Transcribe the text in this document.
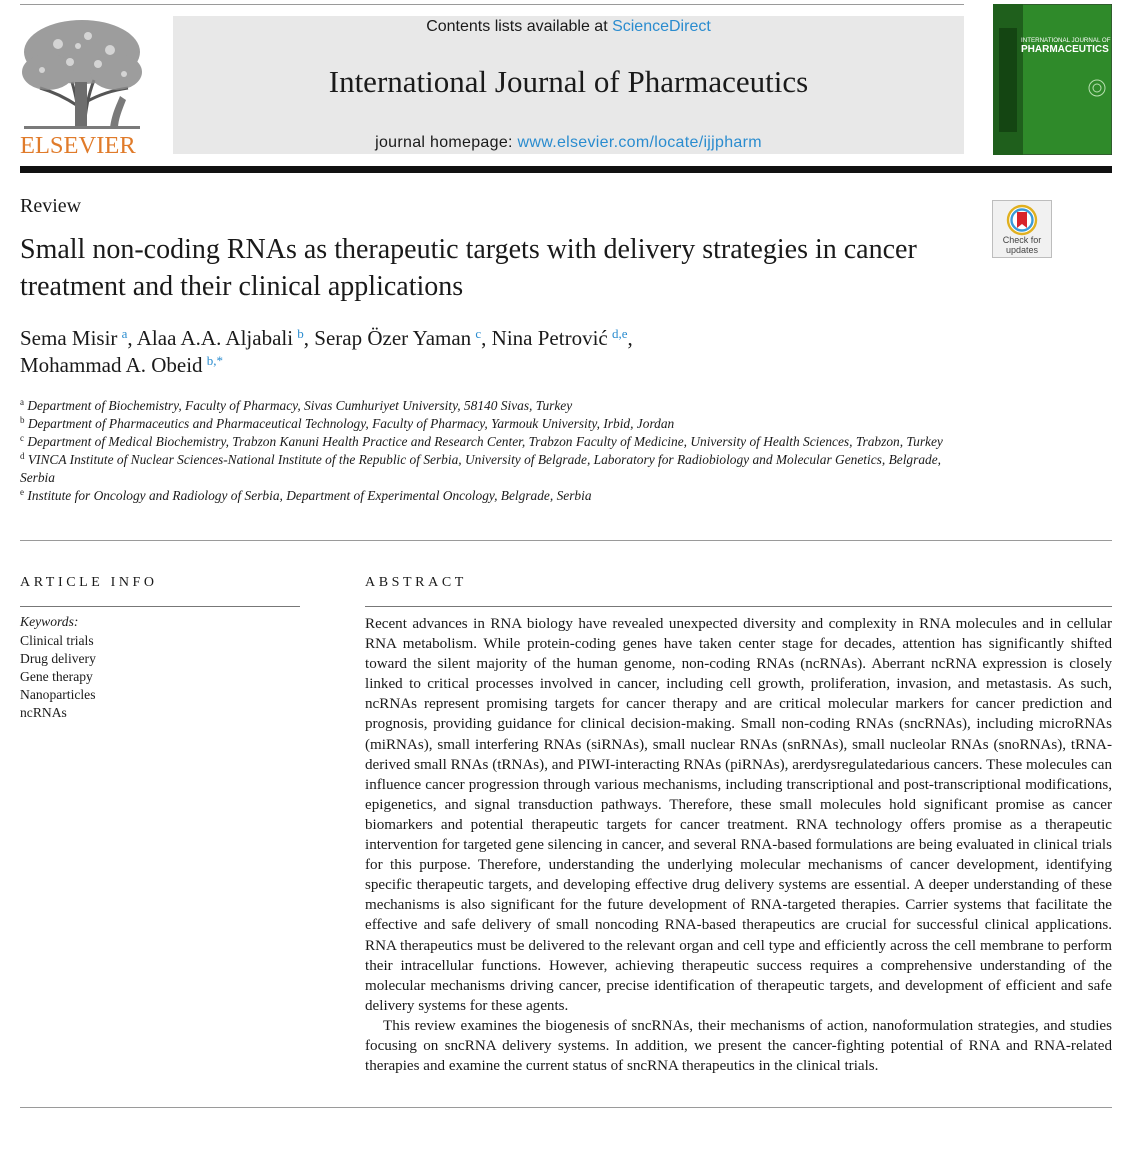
ELSEVIER
Contents lists available at ScienceDirect
International Journal of Pharmaceutics
journal homepage: www.elsevier.com/locate/ijjpharm
INTERNATIONAL JOURNAL OF
PHARMACEUTICS
Review
Check for
updates
Small non-coding RNAs as therapeutic targets with delivery strategies in cancer treatment and their clinical applications
Sema Misir  $^a$, Alaa A.A. Aljabali  $^b$, Serap Özer Yaman  $^c$, Nina Petrović  $^{d,e}$,
Mohammad A. Obeid  $^{b,*}$
$^a$ Department of Biochemistry, Faculty of Pharmacy, Sivas Cumhuriyet University, 58140 Sivas, Turkey
$^b$ Department of Pharmaceutics and Pharmaceutical Technology, Faculty of Pharmacy, Yarmouk University, Irbid, Jordan
$^c$ Department of Medical Biochemistry, Trabzon Kanuni Health Practice and Research Center, Trabzon Faculty of Medicine, University of Health Sciences, Trabzon, Turkey
$^d$ VINCA Institute of Nuclear Sciences-National Institute of the Republic of Serbia, University of Belgrade, Laboratory for Radiobiology and Molecular Genetics, Belgrade, Serbia
$^e$ Institute for Oncology and Radiology of Serbia, Department of Experimental Oncology, Belgrade, Serbia
ARTICLE INFO
Keywords:
Clinical trials
Drug delivery
Gene therapy
Nanoparticles
ncRNAs
ABSTRACT

Recent advances in RNA biology have revealed unexpected diversity and complexity in RNA molecules and in cellular RNA metabolism. While protein-coding genes have taken center stage for decades, attention has significantly shifted toward the silent majority of the human genome, non-coding RNAs (ncRNAs). Aberrant ncRNA expression is closely linked to critical processes involved in cancer, including cell growth, proliferation, invasion, and metastasis. As such, ncRNAs represent promising targets for cancer therapy and are critical molecular markers for cancer prediction and prognosis, providing guidance for clinical decision-making. Small non-coding RNAs (sncRNAs), including microRNAs (miRNAs), small interfering RNAs (siRNAs), small nuclear RNAs (snRNAs), small nucleolar RNAs (snoRNAs), tRNA-derived small RNAs (tRNAs), and PIWI-interacting RNAs (piRNAs), arerdysregulatedarious cancers. These molecules can influence cancer progression through various mechanisms, including transcriptional and post-transcriptional modifications, epigenetics, and signal transduction pathways. Therefore, these small molecules hold significant promise as cancer biomarkers and potential therapeutic targets for cancer treatment. RNA technology offers promise as a therapeutic intervention for targeted gene silencing in cancer, and several RNA-based formulations are being evaluated in clinical trials for this purpose. Therefore, understanding the underlying molecular mechanisms of cancer development, identifying specific therapeutic targets, and developing effective drug delivery systems are essential. A deeper understanding of these mechanisms is also significant for the future development of RNA-targeted therapies. Carrier systems that facilitate the effective and safe delivery of small noncoding RNA-based therapeutics are crucial for successful clinical applications. RNA therapeutics must be delivered to the relevant organ and cell type and efficiently across the cell membrane to perform their intracellular functions. However, achieving therapeutic success requires a comprehensive understanding of the molecular mechanisms driving cancer, precise identification of therapeutic targets, and development of efficient and safe delivery systems for these agents.

This review examines the biogenesis of sncRNAs, their mechanisms of action, nanoformulation strategies, and studies focusing on sncRNA delivery systems. In addition, we present the cancer-fighting potential of RNA and RNA-related therapies and examine the current status of sncRNA therapeutics in the clinical trials.
